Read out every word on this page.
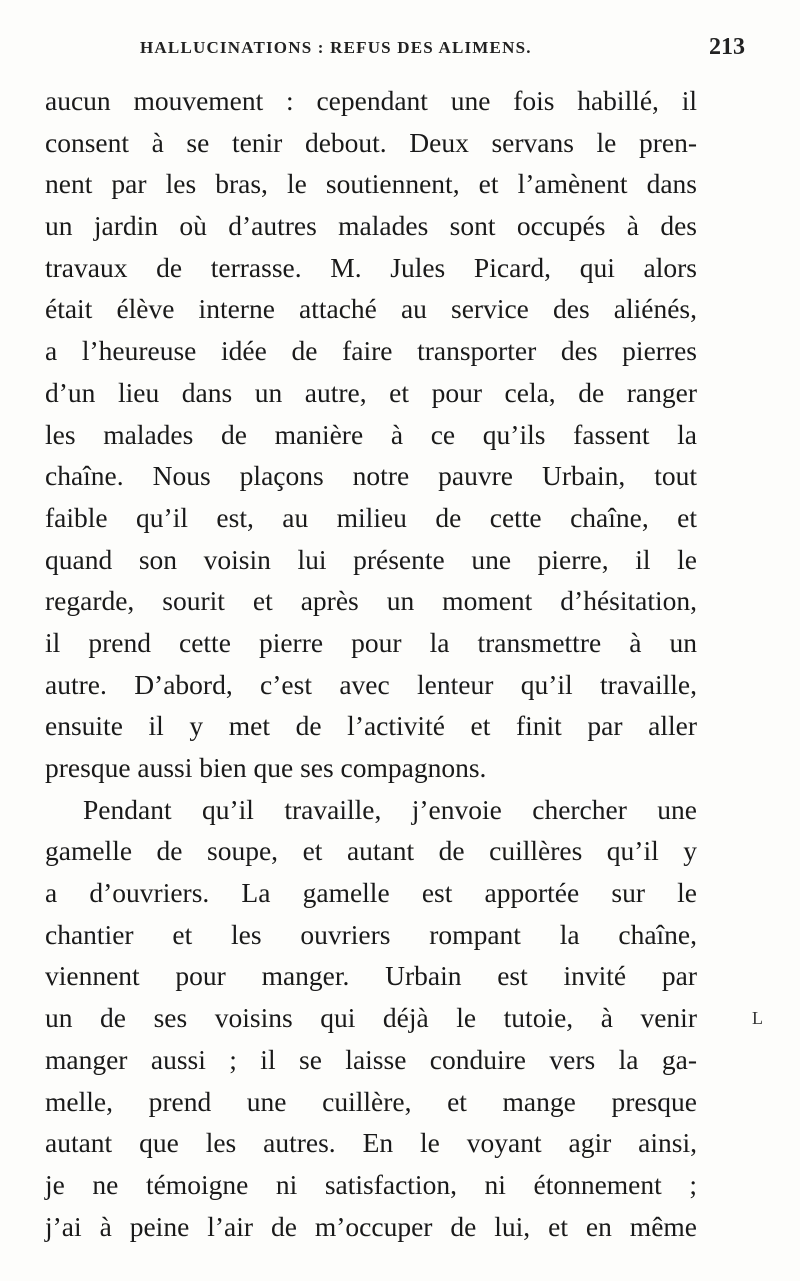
HALLUCINATIONS : REFUS DES ALIMENS.	213
aucun mouvement : cependant une fois habillé, il
consent à se tenir debout. Deux servans le pren-
nent par les bras, le soutiennent, et l’amènent dans
un jardin où d’autres malades sont occupés à des
travaux de terrasse. M. Jules Picard, qui alors
était élève interne attaché au service des aliénés,
a l’heureuse idée de faire transporter des pierres
d’un lieu dans un autre, et pour cela, de ranger
les malades de manière à ce qu’ils fassent la
chaîne. Nous plaçons notre pauvre Urbain, tout
faible qu’il est, au milieu de cette chaîne, et
quand son voisin lui présente une pierre, il le
regarde, sourit et après un moment d’hésitation,
il prend cette pierre pour la transmettre à un
autre. D’abord, c’est avec lenteur qu’il travaille,
ensuite il y met de l’activité et finit par aller
presque aussi bien que ses compagnons.
Pendant qu’il travaille, j’envoie chercher une
gamelle de soupe, et autant de cuillères qu’il y
a d’ouvriers. La gamelle est apportée sur le
chantier et les ouvriers rompant la chaîne,
viennent pour manger. Urbain est invité par
un de ses voisins qui déjà le tutoie, à venir
manger aussi ; il se laisse conduire vers la ga-
melle, prend une cuillère, et mange presque
autant que les autres. En le voyant agir ainsi,
je ne témoigne ni satisfaction, ni étonnement ;
j’ai à peine l’air de m’occuper de lui, et en même
L
